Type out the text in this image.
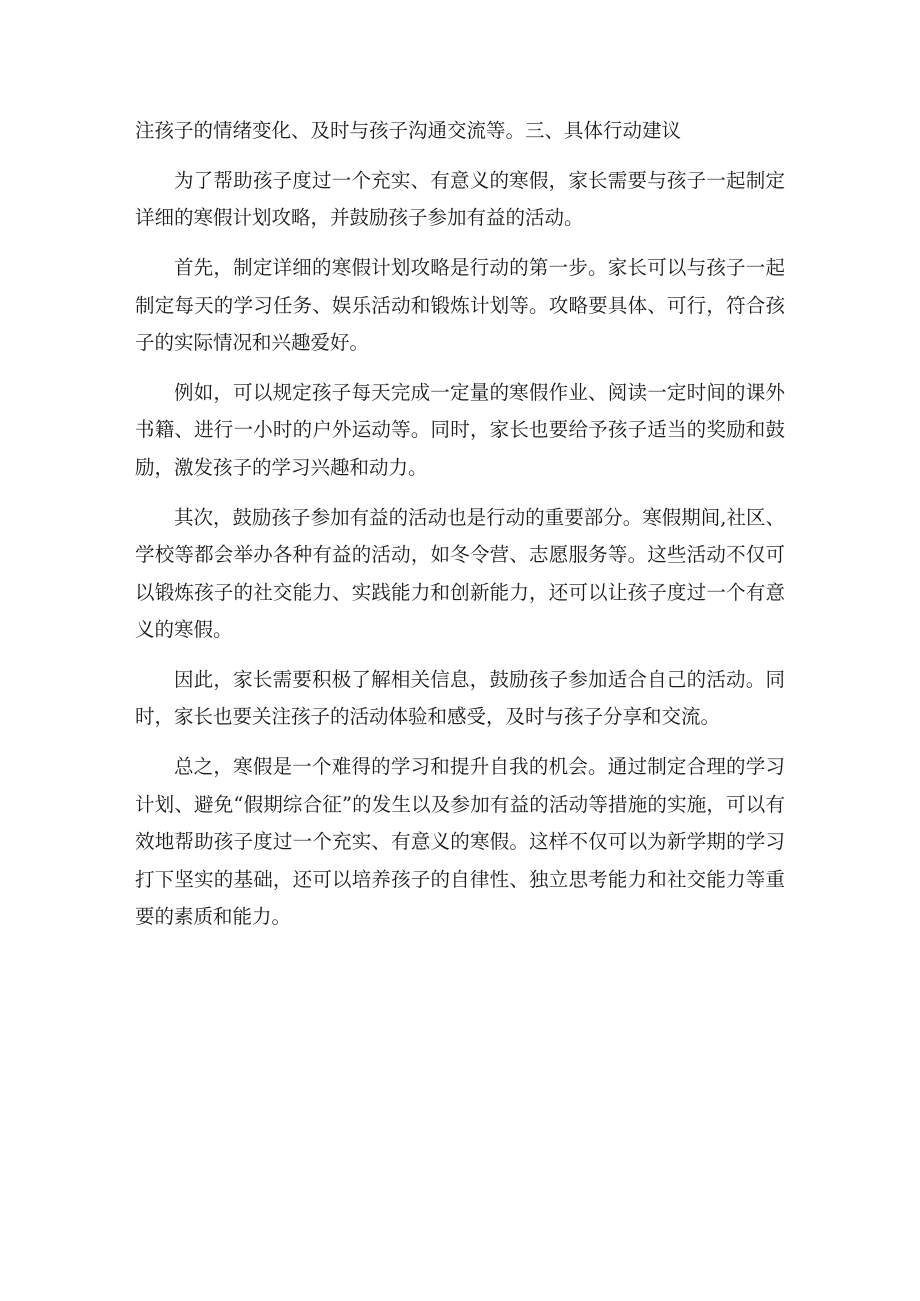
注孩子的情绪变化、及时与孩子沟通交流等。三、具体行动建议

为了帮助孩子度过一个充实、有意义的寒假，家长需要与孩子一起制定详细的寒假计划攻略，并鼓励孩子参加有益的活动。

首先，制定详细的寒假计划攻略是行动的第一步。家长可以与孩子一起制定每天的学习任务、娱乐活动和锻炼计划等。攻略要具体、可行，符合孩子的实际情况和兴趣爱好。

例如，可以规定孩子每天完成一定量的寒假作业、阅读一定时间的课外书籍、进行一小时的户外运动等。同时，家长也要给予孩子适当的奖励和鼓励，激发孩子的学习兴趣和动力。

其次，鼓励孩子参加有益的活动也是行动的重要部分。寒假期间,社区、学校等都会举办各种有益的活动，如冬令营、志愿服务等。这些活动不仅可以锻炼孩子的社交能力、实践能力和创新能力，还可以让孩子度过一个有意义的寒假。

因此，家长需要积极了解相关信息，鼓励孩子参加适合自己的活动。同时，家长也要关注孩子的活动体验和感受，及时与孩子分享和交流。

总之，寒假是一个难得的学习和提升自我的机会。通过制定合理的学习计划、避免“假期综合征”的发生以及参加有益的活动等措施的实施，可以有效地帮助孩子度过一个充实、有意义的寒假。这样不仅可以为新学期的学习打下坚实的基础，还可以培养孩子的自律性、独立思考能力和社交能力等重要的素质和能力。
